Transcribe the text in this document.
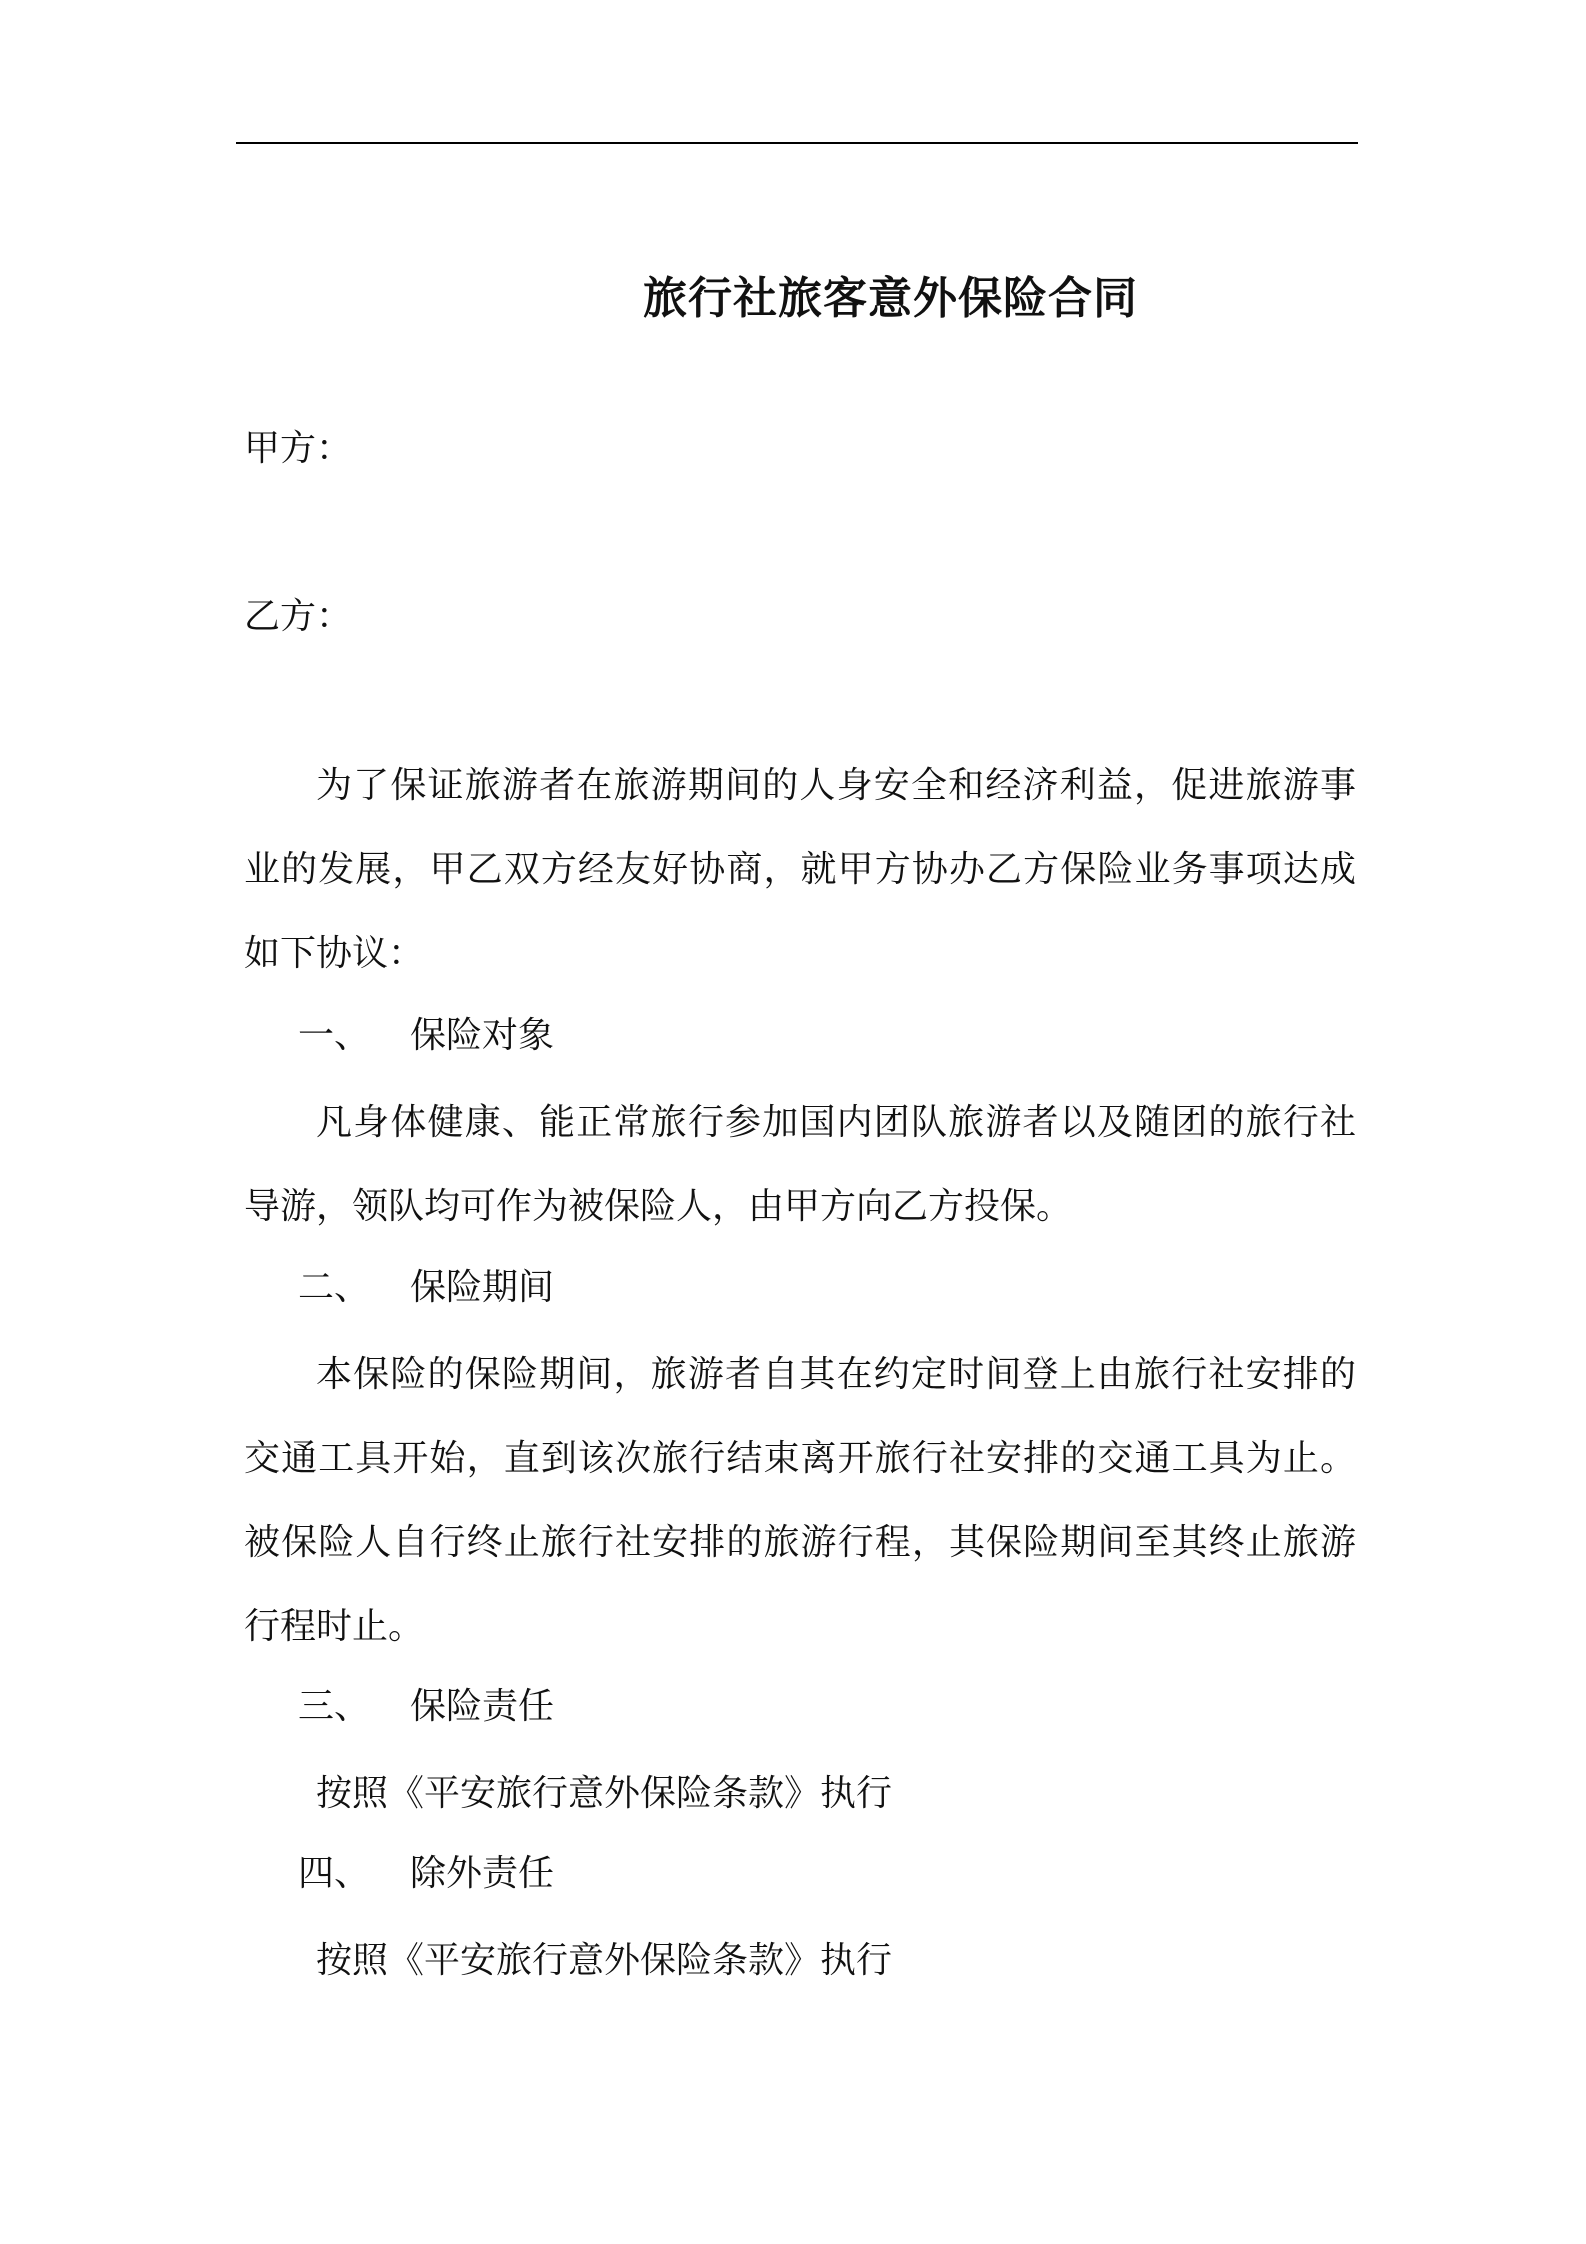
旅行社旅客意外保险合同
甲方：
乙方：
为了保证旅游者在旅游期间的人身安全和经济利益，促进旅游事业的发展，甲乙双方经友好协商，就甲方协办乙方保险业务事项达成如下协议：
一、 保险对象
凡身体健康、能正常旅行参加国内团队旅游者以及随团的旅行社导游，领队均可作为被保险人，由甲方向乙方投保。
二、 保险期间
本保险的保险期间，旅游者自其在约定时间登上由旅行社安排的交通工具开始，直到该次旅行结束离开旅行社安排的交通工具为止。被保险人自行终止旅行社安排的旅游行程，其保险期间至其终止旅游行程时止。
三、 保险责任
按照《平安旅行意外保险条款》执行
四、 除外责任
按照《平安旅行意外保险条款》执行
